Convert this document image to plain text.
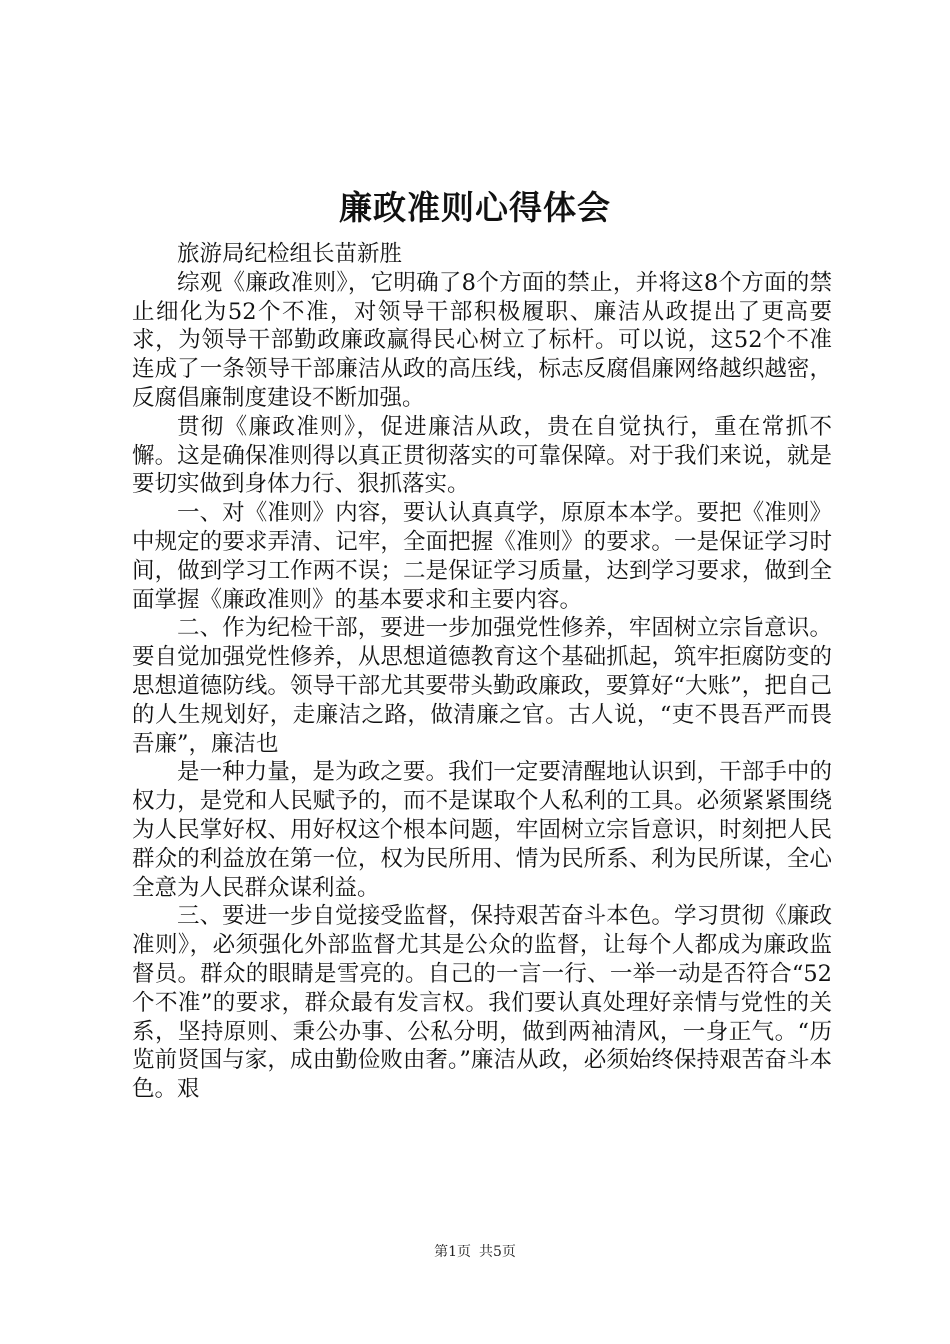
廉政准则心得体会

旅游局纪检组长苗新胜

综观《廉政准则》，它明确了8个方面的禁止，并将这8个方面的禁止细化为52个不准，对领导干部积极履职、廉洁从政提出了更高要求，为领导干部勤政廉政赢得民心树立了标杆。可以说，这52个不准连成了一条领导干部廉洁从政的高压线，标志反腐倡廉网络越织越密，反腐倡廉制度建设不断加强。

贯彻《廉政准则》，促进廉洁从政，贵在自觉执行，重在常抓不懈。这是确保准则得以真正贯彻落实的可靠保障。对于我们来说，就是要切实做到身体力行、狠抓落实。

一、对《准则》内容，要认认真真学，原原本本学。要把《准则》中规定的要求弄清、记牢，全面把握《准则》的要求。一是保证学习时间，做到学习工作两不误；二是保证学习质量，达到学习要求，做到全面掌握《廉政准则》的基本要求和主要内容。

二、作为纪检干部，要进一步加强党性修养，牢固树立宗旨意识。要自觉加强党性修养，从思想道德教育这个基础抓起，筑牢拒腐防变的思想道德防线。领导干部尤其要带头勤政廉政，要算好“大账”，把自己的人生规划好，走廉洁之路，做清廉之官。古人说，“吏不畏吾严而畏吾廉”，廉洁也

是一种力量，是为政之要。我们一定要清醒地认识到，干部手中的权力，是党和人民赋予的，而不是谋取个人私利的工具。必须紧紧围绕为人民掌好权、用好权这个根本问题，牢固树立宗旨意识，时刻把人民群众的利益放在第一位，权为民所用、情为民所系、利为民所谋，全心全意为人民群众谋利益。

三、要进一步自觉接受监督，保持艰苦奋斗本色。学习贯彻《廉政准则》，必须强化外部监督尤其是公众的监督，让每个人都成为廉政监督员。群众的眼睛是雪亮的。自己的一言一行、一举一动是否符合“52个不准”的要求，群众最有发言权。我们要认真处理好亲情与党性的关系，坚持原则、秉公办事、公私分明，做到两袖清风，一身正气。“历览前贤国与家，成由勤俭败由奢。”廉洁从政，必须始终保持艰苦奋斗本色。艰

第1页 共5页
